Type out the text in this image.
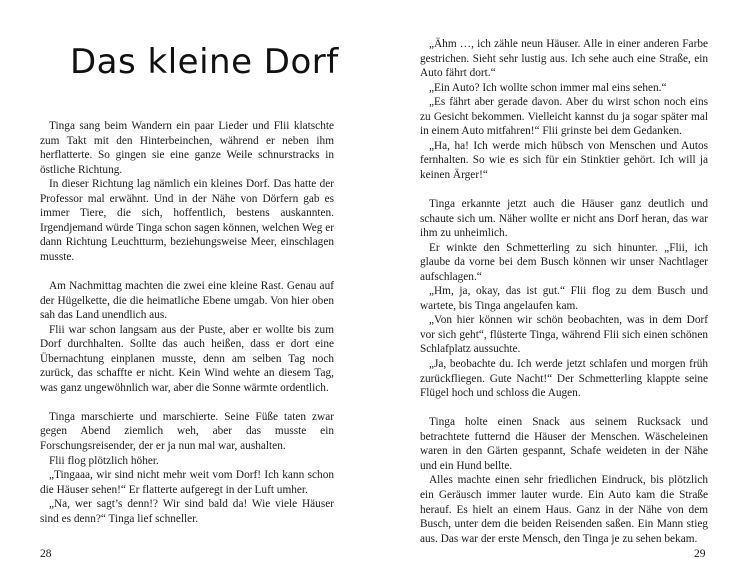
Das kleine Dorf

Tinga sang beim Wandern ein paar Lieder und Flii klatschte zum Takt mit den Hinterbeinchen, während er neben ihm herflatterte. So gingen sie eine ganze Weile schnurstracks in östliche Richtung.

In dieser Richtung lag nämlich ein kleines Dorf. Das hatte der Professor mal erwähnt. Und in der Nähe von Dörfern gab es immer Tiere, die sich, hoffentlich, bestens auskannten. Irgendjemand würde Tinga schon sagen können, welchen Weg er dann Richtung Leuchtturm, beziehungsweise Meer, einschlagen musste.

Am Nachmittag machten die zwei eine kleine Rast. Genau auf der Hügelkette, die die heimatliche Ebene umgab. Von hier oben sah das Land unendlich aus.

Flii war schon langsam aus der Puste, aber er wollte bis zum Dorf durchhalten. Sollte das auch heißen, dass er dort eine Übernachtung einplanen musste, denn am selben Tag noch zurück, das schaffte er nicht. Kein Wind wehte an diesem Tag, was ganz ungewöhnlich war, aber die Sonne wärmte ordentlich.

Tinga marschierte und marschierte. Seine Füße taten zwar gegen Abend ziemlich weh, aber das musste ein Forschungsreisender, der er ja nun mal war, aushalten.

Flii flog plötzlich höher.

„Tingaaa, wir sind nicht mehr weit vom Dorf! Ich kann schon die Häuser sehen!“ Er flatterte aufgeregt in der Luft umher.

„Na, wer sagt’s denn!? Wir sind bald da! Wie viele Häuser sind es denn?“ Tinga lief schneller.

28

„Ähm …, ich zähle neun Häuser. Alle in einer anderen Farbe gestrichen. Sieht sehr lustig aus. Ich sehe auch eine Straße, ein Auto fährt dort.“

„Ein Auto? Ich wollte schon immer mal eins sehen.“

„Es fährt aber gerade davon. Aber du wirst schon noch eins zu Gesicht bekommen. Vielleicht kannst du ja sogar später mal in einem Auto mitfahren!“ Flii grinste bei dem Gedanken.

„Ha, ha! Ich werde mich hübsch von Menschen und Autos fernhalten. So wie es sich für ein Stinktier gehört. Ich will ja keinen Ärger!“

Tinga erkannte jetzt auch die Häuser ganz deutlich und schaute sich um. Näher wollte er nicht ans Dorf heran, das war ihm zu unheimlich.

Er winkte den Schmetterling zu sich hinunter. „Flii, ich glaube da vorne bei dem Busch können wir unser Nachtlager aufschlagen.“

„Hm, ja, okay, das ist gut.“ Flii flog zu dem Busch und wartete, bis Tinga angelaufen kam.

„Von hier können wir schön beobachten, was in dem Dorf vor sich geht“, flüsterte Tinga, während Flii sich einen schönen Schlafplatz aussuchte.

„Ja, beobachte du. Ich werde jetzt schlafen und morgen früh zurückfliegen. Gute Nacht!“ Der Schmetterling klappte seine Flügel hoch und schloss die Augen.

Tinga holte einen Snack aus seinem Rucksack und betrachtete futternd die Häuser der Menschen. Wäscheleinen waren in den Gärten gespannt, Schafe weideten in der Nähe und ein Hund bellte.

Alles machte einen sehr friedlichen Eindruck, bis plötzlich ein Geräusch immer lauter wurde. Ein Auto kam die Straße herauf. Es hielt an einem Haus. Ganz in der Nähe von dem Busch, unter dem die beiden Reisenden saßen. Ein Mann stieg aus. Das war der erste Mensch, den Tinga je zu sehen bekam.

29
